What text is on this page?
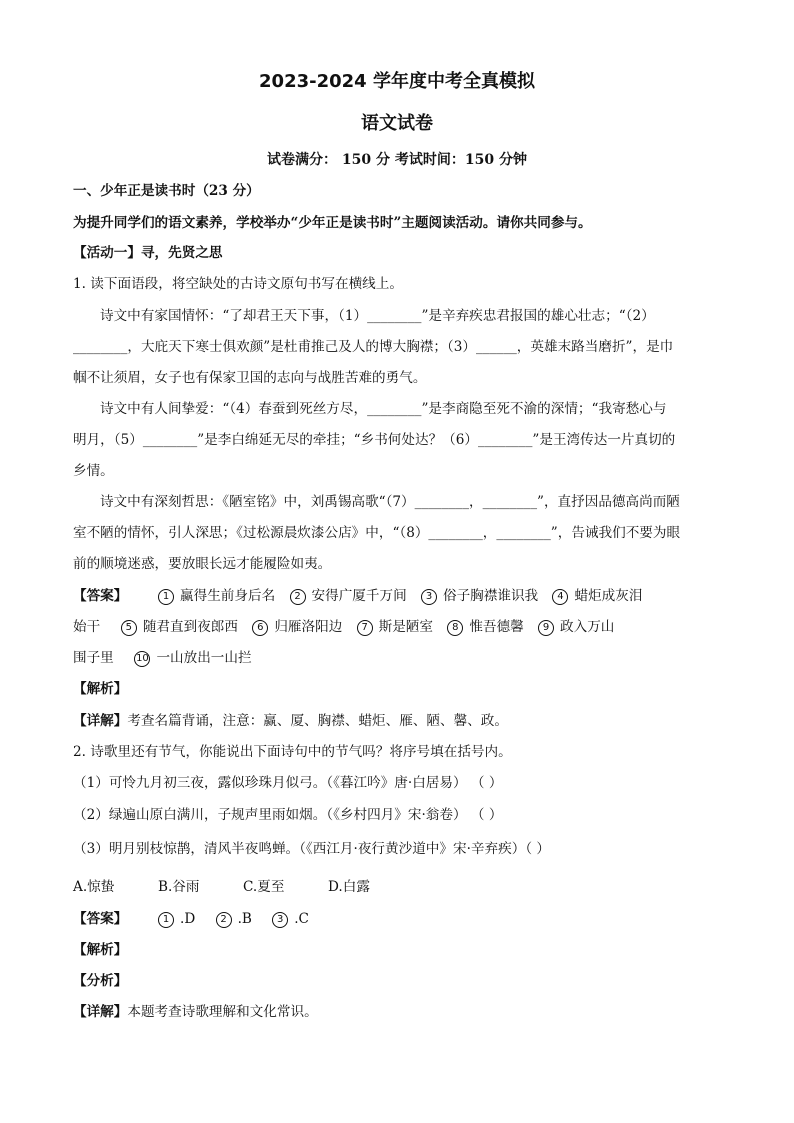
2023-2024 学年度中考全真模拟
语文试卷
试卷满分： 150 分 考试时间：150 分钟
一、少年正是读书时（23 分）
为提升同学们的语文素养，学校举办“少年正是读书时”主题阅读活动。请你共同参与。
【活动一】寻，先贤之思
1. 读下面语段，将空缺处的古诗文原句书写在横线上。
诗文中有家国情怀：“了却君王天下事，（1）________”是辛弃疾忠君报国的雄心壮志；“（2）
________，大庇天下寒士俱欢颜”是杜甫推己及人的博大胸襟；（3）______，英雄末路当磨折”，是巾
帼不让须眉，女子也有保家卫国的志向与战胜苦难的勇气。
诗文中有人间挚爱：“（4）春蚕到死丝方尽，________”是李商隐至死不渝的深情；“我寄愁心与
明月，（5）________”是李白绵延无尽的牵挂；“乡书何处达？（6）________”是王湾传达一片真切的
乡情。
诗文中有深刻哲思：《陋室铭》中，刘禹锡高歌“（7）________，________”，直抒因品德高尚而陋
室不陋的情怀，引人深思；《过松源晨炊漆公店》中，“（8）________，________”，告诫我们不要为眼
前的顺境迷惑，要放眼长远才能履险如夷。
【答案】	1 赢得生前身后名 2 安得广厦千万间 3 俗子胸襟谁识我 4 蜡炬成灰泪
始干	5 随君直到夜郎西 6 归雁洛阳边 7 斯是陋室 8 惟吾德馨 9 政入万山
围子里 10 一山放出一山拦
【解析】
【详解】考查名篇背诵，注意：赢、厦、胸襟、蜡炬、雁、陋、馨、政。
2. 诗歌里还有节气，你能说出下面诗句中的节气吗？将序号填在括号内。
（1）可怜九月初三夜，露似珍珠月似弓。（《暮江吟》唐·白居易） （ ）
（2）绿遍山原白满川，子规声里雨如烟。（《乡村四月》宋·翁卷） （ ）
（3）明月别枝惊鹊，清风半夜鸣蝉。（《西江月·夜行黄沙道中》宋·辛弃疾）（ ）
A.惊蛰	B.谷雨	C.夏至	D.白露
【答案】	1 .D	2 .B	3 .C
【解析】
【分析】
【详解】本题考查诗歌理解和文化常识。
